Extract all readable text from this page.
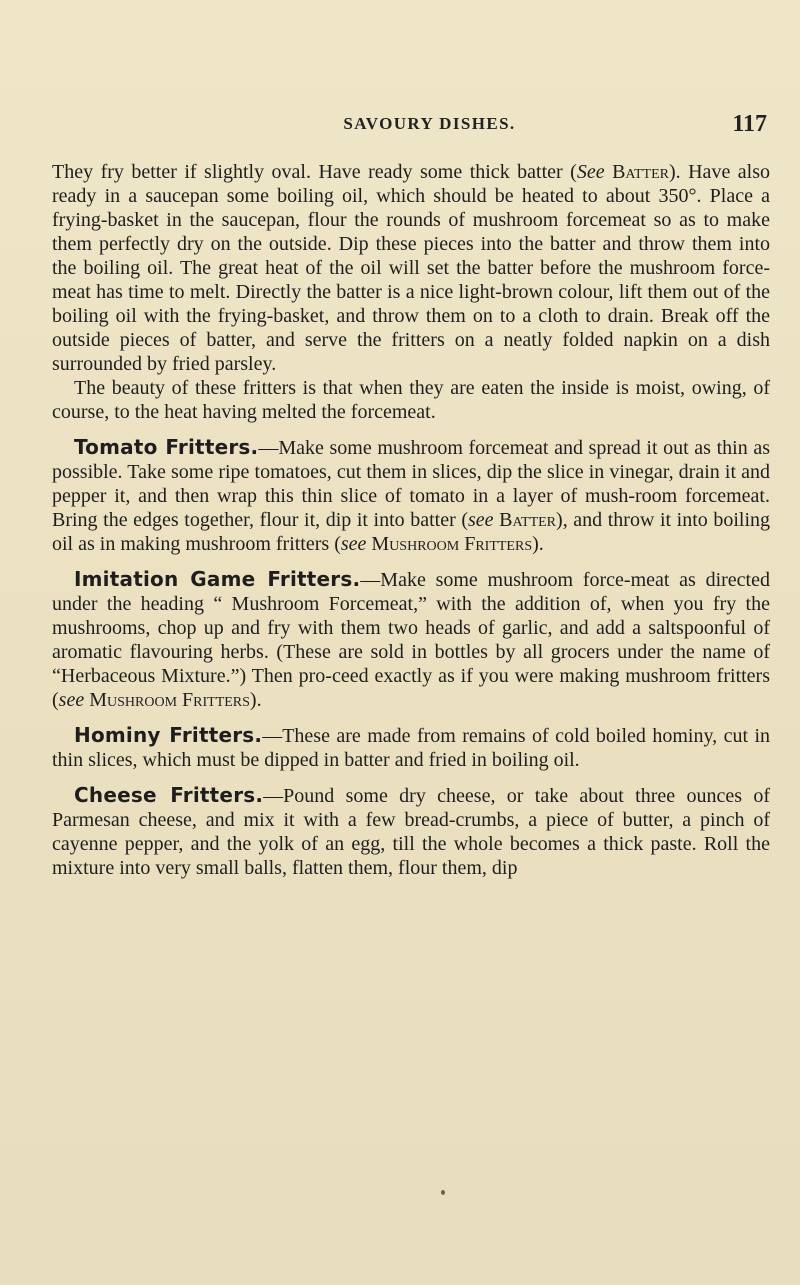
SAVOURY DISHES.	117

They fry better if slightly oval. Have ready some thick batter (See Batter). Have also ready in a saucepan some boiling oil, which should be heated to about 350°. Place a frying-basket in the saucepan, flour the rounds of mushroom forcemeat so as to make them perfectly dry on the outside. Dip these pieces into the batter and throw them into the boiling oil. The great heat of the oil will set the batter before the mushroom force-meat has time to melt. Directly the batter is a nice light-brown colour, lift them out of the boiling oil with the frying-basket, and throw them on to a cloth to drain. Break off the outside pieces of batter, and serve the fritters on a neatly folded napkin on a dish surrounded by fried parsley.

The beauty of these fritters is that when they are eaten the inside is moist, owing, of course, to the heat having melted the forcemeat.

Tomato Fritters.—Make some mushroom forcemeat and spread it out as thin as possible. Take some ripe tomatoes, cut them in slices, dip the slice in vinegar, drain it and pepper it, and then wrap this thin slice of tomato in a layer of mush-room forcemeat. Bring the edges together, flour it, dip it into batter (see Batter), and throw it into boiling oil as in making mushroom fritters (see Mushroom Fritters).

Imitation Game Fritters.—Make some mushroom force-meat as directed under the heading “ Mushroom Forcemeat,” with the addition of, when you fry the mushrooms, chop up and fry with them two heads of garlic, and add a saltspoonful of aromatic flavouring herbs. (These are sold in bottles by all grocers under the name of “Herbaceous Mixture.”) Then pro-ceed exactly as if you were making mushroom fritters (see Mushroom Fritters).

Hominy Fritters.—These are made from remains of cold boiled hominy, cut in thin slices, which must be dipped in batter and fried in boiling oil.

Cheese Fritters.—Pound some dry cheese, or take about three ounces of Parmesan cheese, and mix it with a few bread-crumbs, a piece of butter, a pinch of cayenne pepper, and the yolk of an egg, till the whole becomes a thick paste. Roll the mixture into very small balls, flatten them, flour them, dip
